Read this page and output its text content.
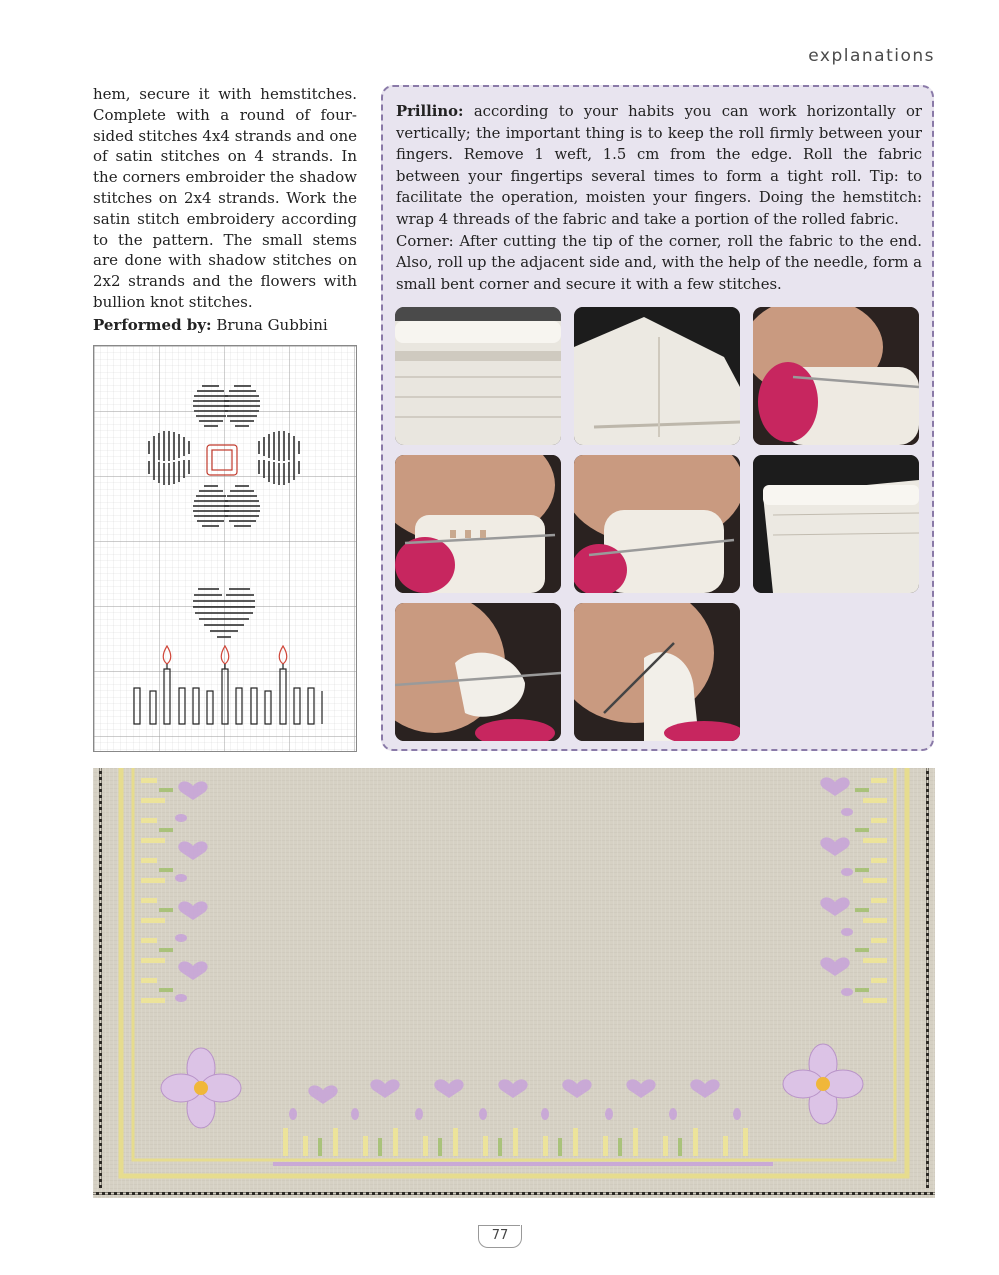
explanations

hem, secure it with hemstitches. Complete with a round of four-sided stitches 4x4 strands and one of satin stitches on 4 strands. In the corners embroider the shadow stitches on 2x4 strands. Work the satin stitch embroidery according to the pattern. The small stems are done with shadow stitches on 2x2 strands and the flowers with bullion knot stitches.

Performed by: Bruna Gubbini

Prillino: according to your habits you can work horizontally or vertically; the important thing is to keep the roll firmly between your fingers. Remove 1 weft, 1.5 cm from the edge. Roll the fabric between your fingertips several times to form a tight roll. Tip: to facilitate the operation, moisten your fingers. Doing the hemstitch: wrap 4 threads of the fabric and take a portion of the rolled fabric.

Corner: After cutting the tip of the corner, roll the fabric to the end. Also, roll up the adjacent side and, with the help of the needle, form a small bent corner and secure it with a few stitches.

77
